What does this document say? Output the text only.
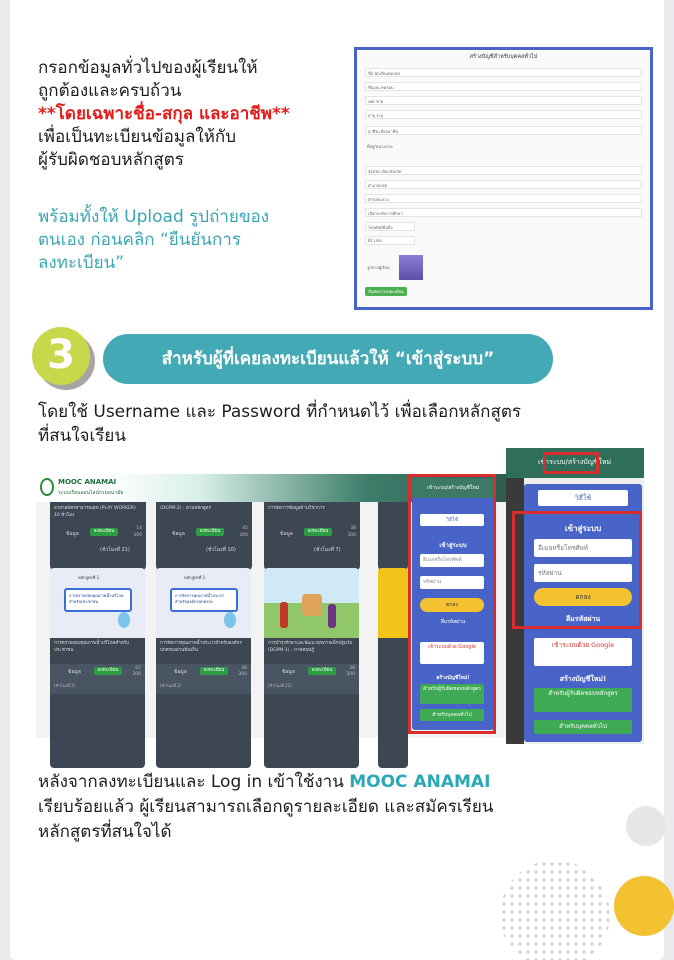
กรอกข้อมูลทั่วไปของผู้เรียนให้
ถูกต้องและครบถ้วน
**โดยเฉพาะชื่อ-สกุล และอาชีพ**
เพื่อเป็นทะเบียนข้อมูลให้กับ
ผู้รับผิดชอบหลักสูตร
พร้อมทั้งให้ Upload รูปถ่ายของ
ตนเอง ก่อนคลิก “ยืนยันการ
ลงทะเบียน”
สร้างบัญชีสำหรับบุคคลทั่วไป
ชื่อ นักเรียนทดลอง
ชื่อเล่น ทดสอบ
เพศ ชาย
อายุ ระบุ
อาชีพ เลือกอาชีพ
ที่อยู่/หน่วยงาน
จังหวัด เลือกจังหวัด
อำเภอ/เขต
ตำบล/แขวง
เลือกระดับการศึกษา
โทรศัพท์มือถือ
ID Line
รูปถ่ายผู้เรียน
ยืนยันการลงทะเบียน
3	สำหรับผู้ที่เคยลงทะเบียนแล้วให้ “เข้าสู่ระบบ”
โดยใช้ Username และ Password ที่กำหนดไว้ เพื่อเลือกหลักสูตร
ที่สนใจเรียน
MOOC ANAMAI
ระบบเรียนออนไลน์กรมอนามัย
อาสาสมัครสาธารณสุข (PLAY WORKER) 10 ชั่วโมง
ข้อมูล	ลงทะเบียน
14
300
(ชั่วโมงที่ 21)
(DGPM-2) : ตามหลักสูตร
ข้อมูล	ลงทะเบียน
45
300
(ชั่วโมงที่ 10)
การจัดการข้อมูลด้านวิชาการ
ข้อมูล	ลงทะเบียน
38
300
(ชั่วโมงที่ 7)
หลักสูตรที่ 1
การตรวจสอบคุณภาพน้ำบริโภคสำหรับประชาชน
การตรวจสอบคุณภาพน้ำบริโภคสำหรับประชาชน
ข้อมูล	ลงทะเบียน	67
300
(ชั่วโมงที่ 2)
หลักสูตรที่ 1
การจัดการคุณภาพน้ำประปาสำหรับองค์กรปกครอง
การจัดการคุณภาพน้ำประปาสำหรับองค์กรปกครองส่วนท้องถิ่น
ข้อมูล	ลงทะเบียน	36
300
(ชั่วโมงที่ 2)
การบำรุงรักษาและพัฒนาสุขภาพเด็กปฐมวัย (DGPM-1) : ภาคทฤษฎี
ข้อมูล	ลงทะเบียน	38
300
(ชั่วโมงที่ 22)
เข้าระบบ/สร้างบัญชีใหม่
วิธีใช้
เข้าสู่ระบบ
อีเมลหรือโทรศัพท์
รหัสผ่าน
ตกลง
ลืมรหัสผ่าน
เข้าระบบด้วย Google
สร้างบัญชีใหม่!
สำหรับผู้รับผิดชอบหลักสูตร
สำหรับบุคคลทั่วไป
เข้าระบบ/สร้างบัญชีใหม่
วิธีใช้
เข้าสู่ระบบ
อีเมลหรือโทรศัพท์
รหัสผ่าน
ตกลง
ลืมรหัสผ่าน
เข้าระบบด้วย Google
สร้างบัญชีใหม่!
สำหรับผู้รับผิดชอบหลักสูตร
สำหรับบุคคลทั่วไป
หลังจากลงทะเบียนและ Log in เข้าใช้งาน MOOC ANAMAI
เรียบร้อยแล้ว ผู้เรียนสามารถเลือกดูรายละเอียด และสมัครเรียน
หลักสูตรที่สนใจได้
